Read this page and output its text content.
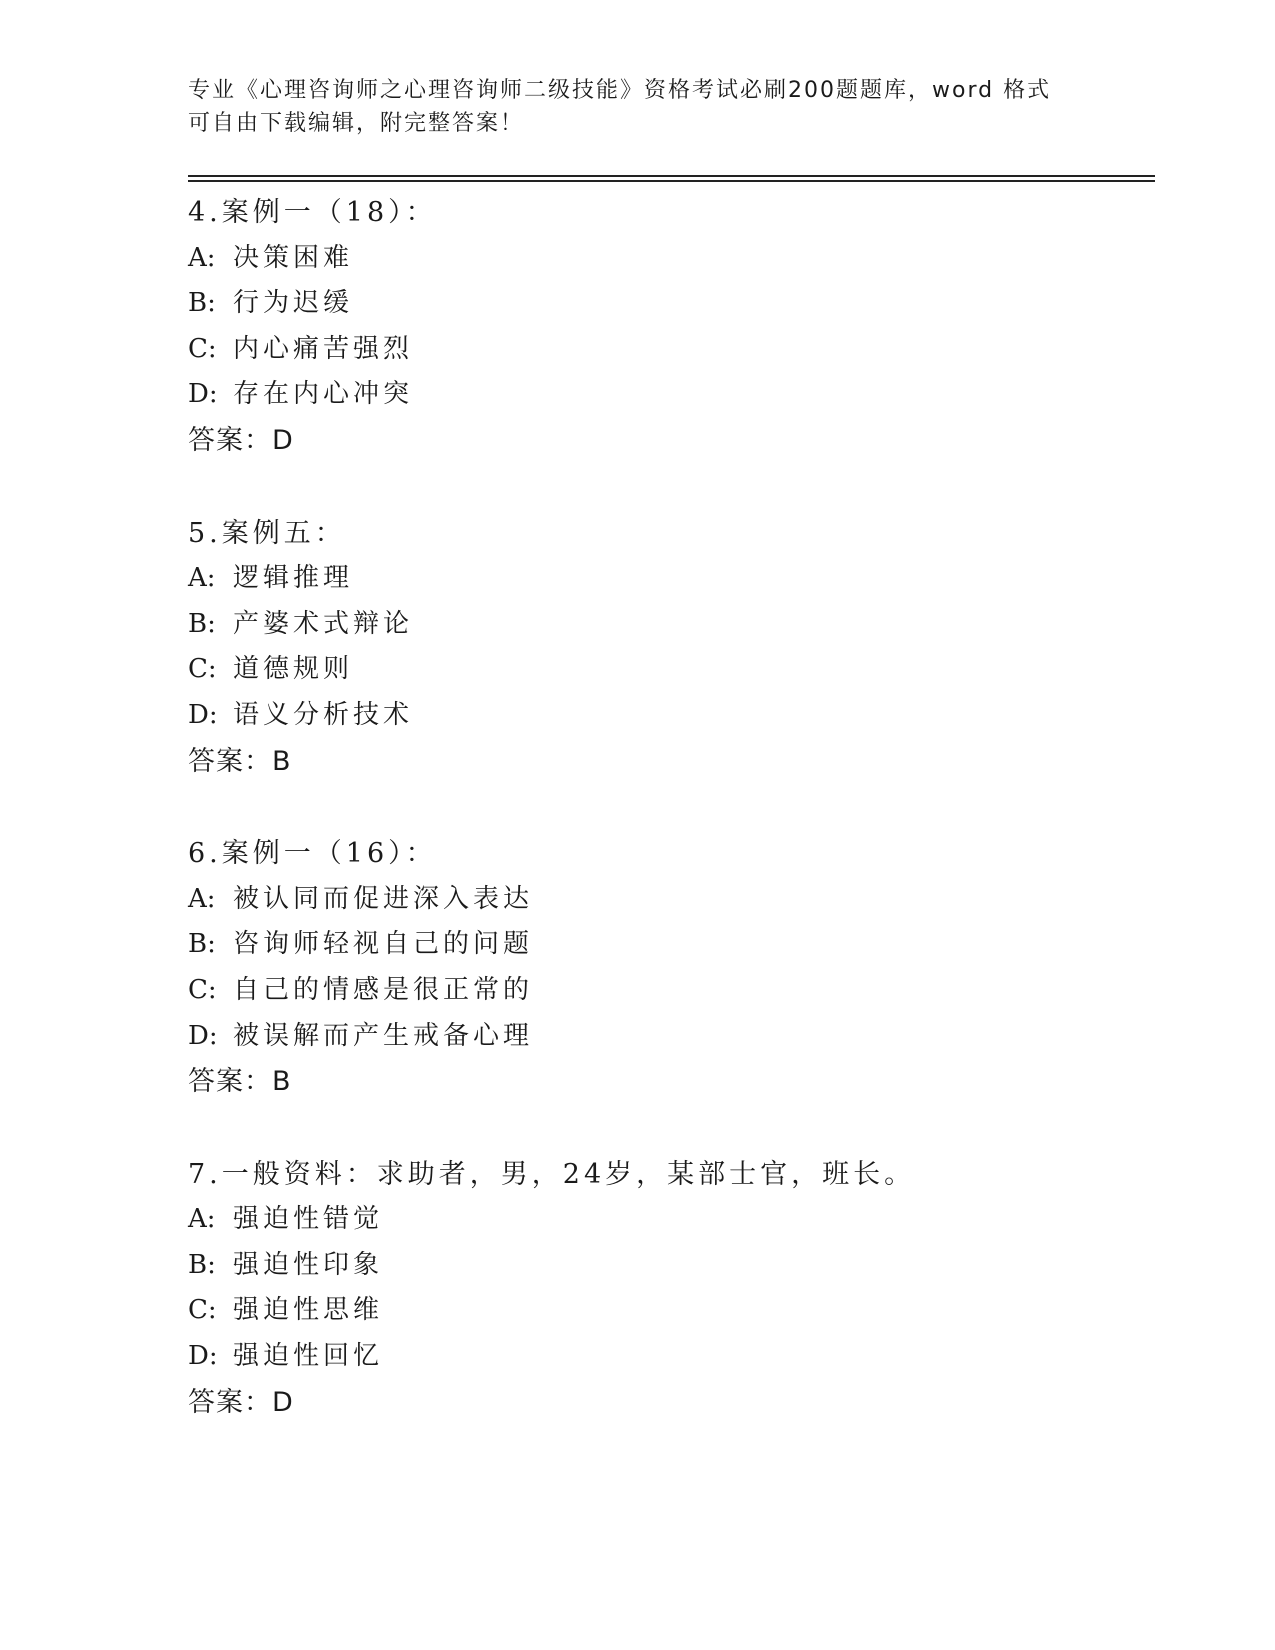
专业《心理咨询师之心理咨询师二级技能》资格考试必刷200题题库，word 格式
可自由下载编辑，附完整答案！
4.案例一（18）：
A: 决策困难
B: 行为迟缓
C: 内心痛苦强烈
D: 存在内心冲突
答案：D
5.案例五：
A: 逻辑推理
B: 产婆术式辩论
C: 道德规则
D: 语义分析技术
答案：B
6.案例一（16）：
A: 被认同而促进深入表达
B: 咨询师轻视自己的问题
C: 自己的情感是很正常的
D: 被误解而产生戒备心理
答案：B
7.一般资料：求助者，男，24岁，某部士官，班长。
A: 强迫性错觉
B: 强迫性印象
C: 强迫性思维
D: 强迫性回忆
答案：D
